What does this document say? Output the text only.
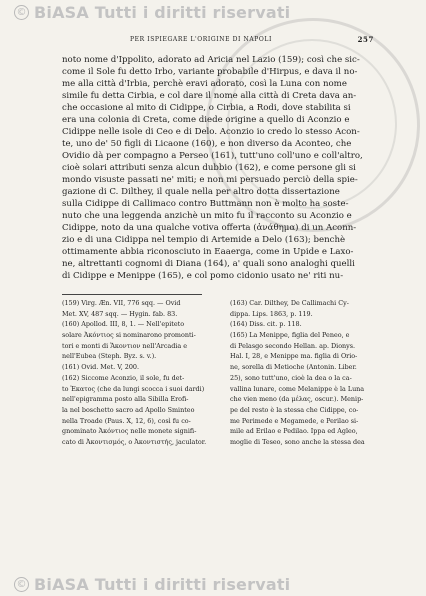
© BiASA Tutti i diritti riservati
PER ISPIEGARE L'ORIGINE DI NAPOLI	257
noto nome d'Ippolito, adorato ad Aricia nel Lazio (159); così che sic-
come il Sole fu detto Irbo, variante probabile d'Hirpus, e dava il no-
me alla città d'Irbia, perchè eravi adorato, così la Luna con nome
simile fu detta Cirbia, e col dare il nome alla città di Creta dava an-
che occasione al mito di Cidippe, o Cirbia, a Rodi, dove stabilita si
era una colonia di Creta, come diede origine a quello di Aconzio e
Cidippe nelle isole di Ceo e di Delo. Aconzio io credo lo stesso Acon-
te, uno de' 50 figli di Licaone (160), e non diverso da Aconteo, che
Ovidio dà per compagno a Perseo (161), tutt'uno coll'uno e coll'altro,
cioè solari attributi senza alcun dubbio (162), e come persone gli si
mondo visuste passati ne' miti; e non mi persuado perciò della spie-
gazione di C. Dilthey, il quale nella per altro dotta dissertazione
sulla Cidippe di Callimaco contro Buttmann non è molto ha soste-
nuto che una leggenda anzichè un mito fu il racconto su Aconzio e
Cidippe, noto da una qualche votiva offerta (ἀνάθημα) di un Aconn-
zio e di una Cidippa nel tempio di Artemide a Delo (163); benchè
ottimamente abbia riconosciuto in Eaaerga, come in Upide e Laxo-
ne, altrettanti cognomi di Diana (164), a' quali sono analoghi quelli
di Cidippe e Menippe (165), e col pomo cidonio usato ne' riti nu-
(159) Virg. Æn. VII, 776 sqq. — Ovid
Met. XV, 487 sqq. — Hygin. fab. 83.
(160) Apollod. III, 8, 1. — Nell'epiteto
solare Ἀκόντιος si nominarono promonti-
tori e monti di Ἄκοντιον nell'Arcadia e
nell'Eubea (Steph. Byz. s. v.).
(161) Ovid. Met. V, 200.
(162) Siccome Aconzio, il sole, fu det-
to Ἑκατος (che da lungi scocca i suoi dardi)
nell'epigramma posto alla Sibilla Erofi-
la nel boschetto sacro ad Apollo Sminteo
nella Troade (Paus. X, 12, 6), così fu co-
gnominato Ἀκόντιος nelle monete signifi-
cato di Ἀκοντισμός, o Ἀκοντιστής, jaculator.
(163) Car. Dilthey, De Callimachi Cy-
dippa. Lips. 1863, p. 119.
(164) Diss. cit. p. 118.
(165) La Menippe, figlia del Peneo, e
di Pelasgo secondo Hellan. ap. Dionys.
Hal. I, 28, e Menippe ma. figlia di Orio-
ne, sorella di Metioche (Antonin. Liber.
25), sono tutt'uno, cioè la dea o la ca-
vallina lunare, come Melanippe è la Luna
che vien meno (da μέλας, oscur.). Menip-
pe del resto è la stessa che Cidippe, co-
me Perimede e Megamede, e Perilao si-
mile ad Erilao e Pedilao. Ippa ed Agleo,
moglie di Teseo, sono anche la stessa dea
© BiASA Tutti i diritti riservati
